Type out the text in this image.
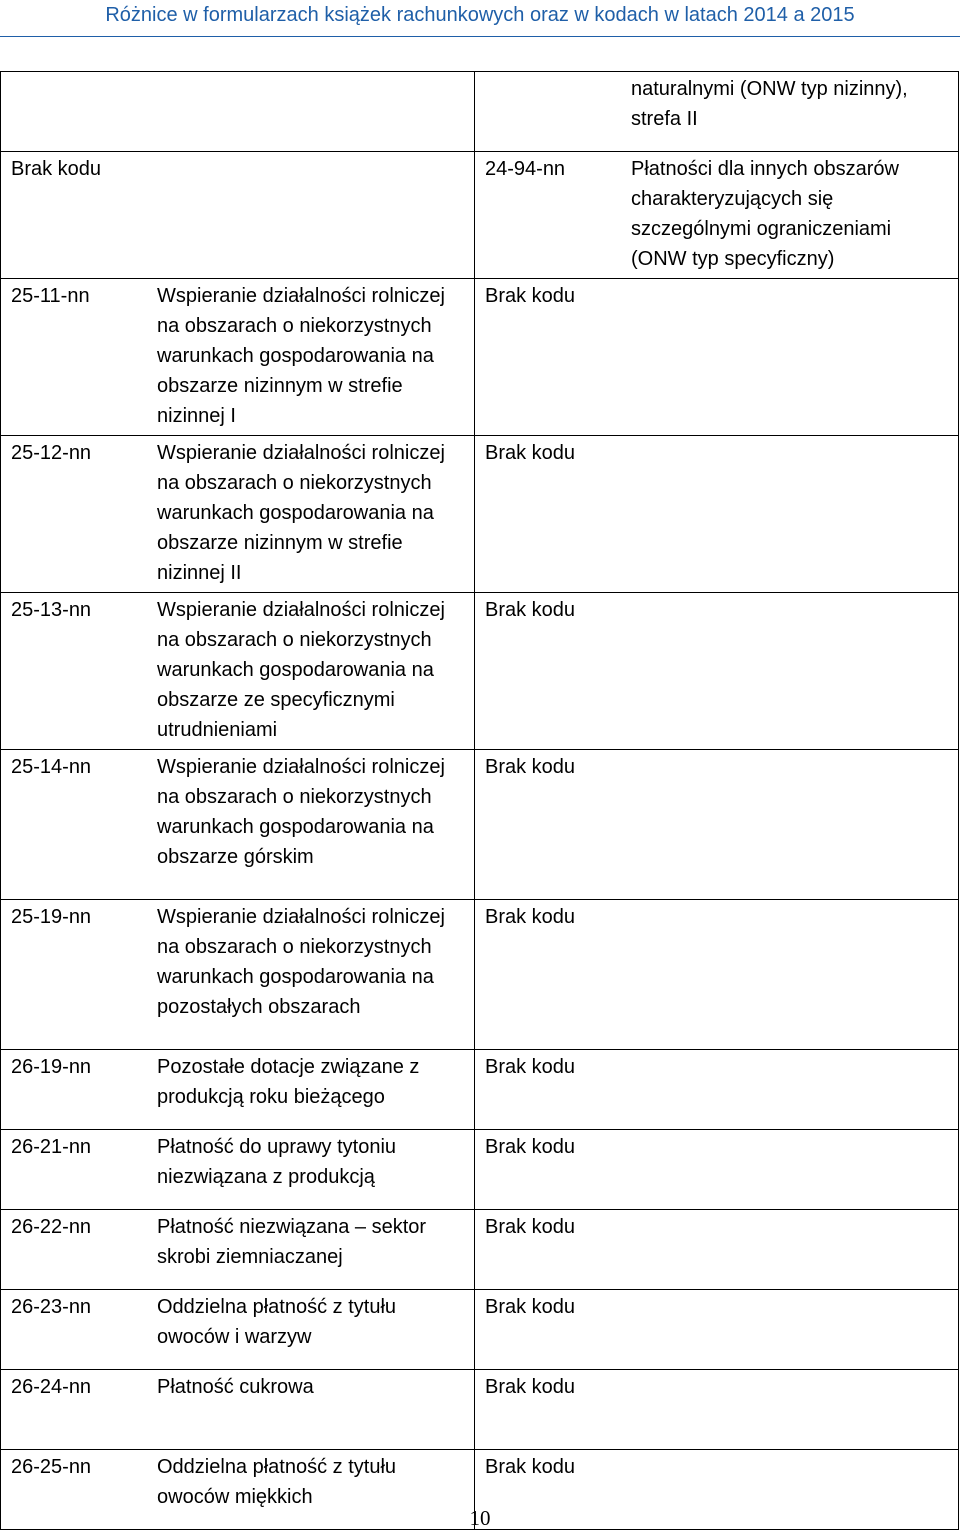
Różnice w formularzach książek rachunkowych oraz w kodach w latach 2014 a 2015
	naturalnymi (ONW typ nizinny), strefa II
Brak kodu	24-94-nn Płatności dla innych obszarów charakteryzujących się szczególnymi ograniczeniami (ONW typ specyficzny)
25-11-nn Wspieranie działalności rolniczej na obszarach o niekorzystnych warunkach gospodarowania na obszarze nizinnym w strefie nizinnej I	Brak kodu
25-12-nn Wspieranie działalności rolniczej na obszarach o niekorzystnych warunkach gospodarowania na obszarze nizinnym w strefie nizinnej II	Brak kodu
25-13-nn Wspieranie działalności rolniczej na obszarach o niekorzystnych warunkach gospodarowania na obszarze ze specyficznymi utrudnieniami	Brak kodu
25-14-nn Wspieranie działalności rolniczej na obszarach o niekorzystnych warunkach gospodarowania na obszarze górskim	Brak kodu
25-19-nn Wspieranie działalności rolniczej na obszarach o niekorzystnych warunkach gospodarowania na pozostałych obszarach	Brak kodu
26-19-nn Pozostałe dotacje związane z produkcją roku bieżącego	Brak kodu
26-21-nn Płatność do uprawy tytoniu niezwiązana z produkcją	Brak kodu
26-22-nn Płatność niezwiązana – sektor skrobi ziemniaczanej	Brak kodu
26-23-nn Oddzielna płatność z tytułu owoców i warzyw	Brak kodu
26-24-nn Płatność cukrowa	Brak kodu
26-25-nn Oddzielna płatność z tytułu owoców miękkich	Brak kodu
10
